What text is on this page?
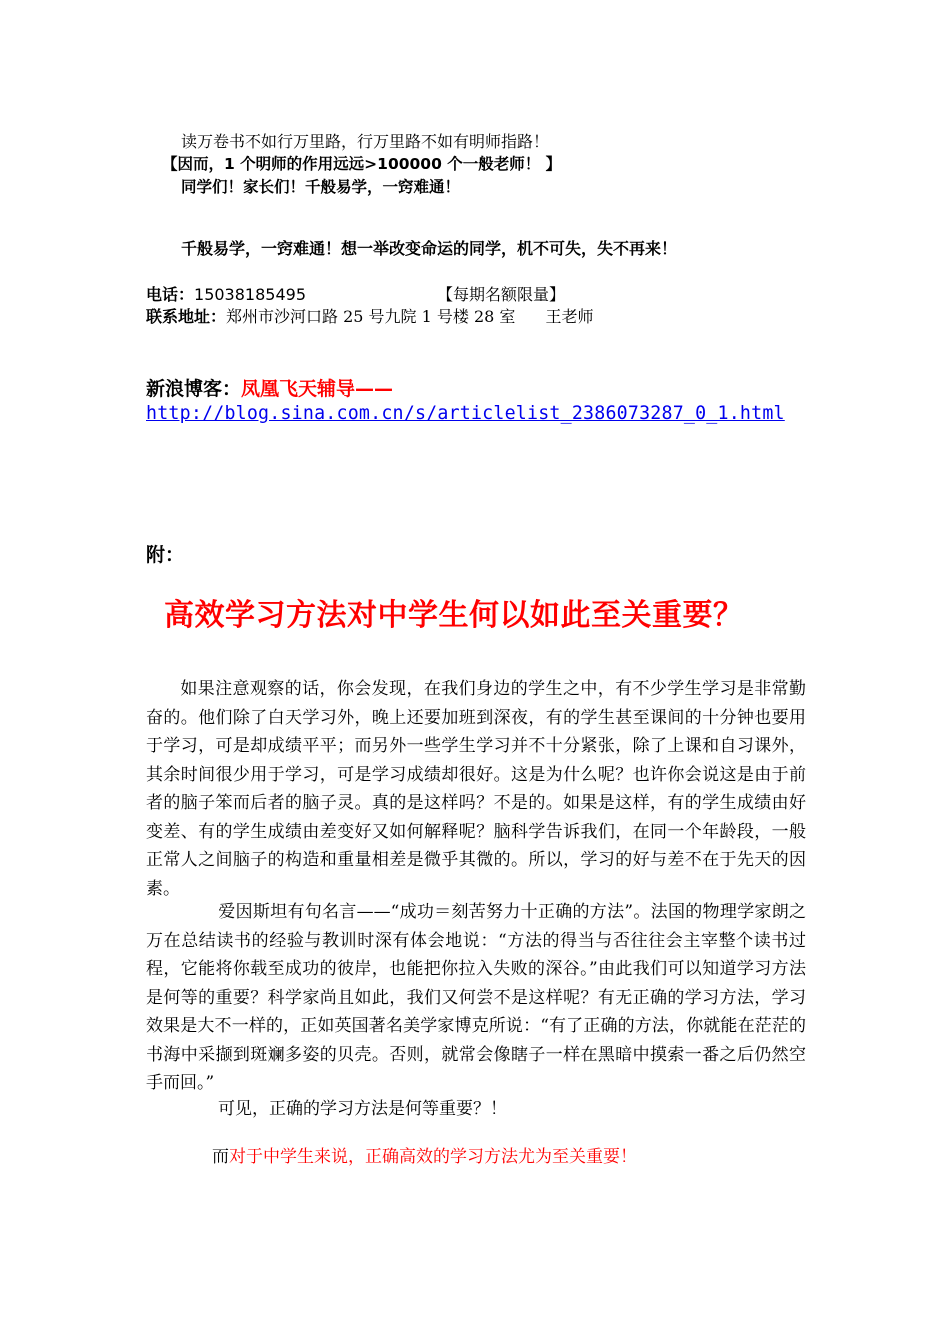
读万卷书不如行万里路，行万里路不如有明师指路！
【因而，1 个明师的作用远远>100000 个一般老师！ 】
同学们！家长们！千般易学，一窍难通！
千般易学，一窍难通！想一举改变命运的同学，机不可失，失不再来！
电话：15038185495	【每期名额限量】
联系地址：郑州市沙河口路 25 号九院 1 号楼 28 室 王老师
新浪博客：凤凰飞天辅导——
http://blog.sina.com.cn/s/articlelist_2386073287_0_1.html
附：
高效学习方法对中学生何以如此至关重要？
如果注意观察的话，你会发现，在我们身边的学生之中，有不少学生学习是非常勤奋的。他们除了白天学习外，晚上还要加班到深夜，有的学生甚至课间的十分钟也要用于学习，可是却成绩平平；而另外一些学生学习并不十分紧张，除了上课和自习课外，其余时间很少用于学习，可是学习成绩却很好。这是为什么呢？也许你会说这是由于前者的脑子笨而后者的脑子灵。真的是这样吗？不是的。如果是这样，有的学生成绩由好变差、有的学生成绩由差变好又如何解释呢？脑科学告诉我们，在同一个年龄段，一般正常人之间脑子的构造和重量相差是微乎其微的。所以，学习的好与差不在于先天的因素。
爱因斯坦有句名言——“成功＝刻苦努力十正确的方法”。法国的物理学家朗之万在总结读书的经验与教训时深有体会地说：“方法的得当与否往往会主宰整个读书过程，它能将你载至成功的彼岸，也能把你拉入失败的深谷。”由此我们可以知道学习方法是何等的重要？科学家尚且如此，我们又何尝不是这样呢？有无正确的学习方法，学习效果是大不一样的，正如英国著名美学家博克所说：“有了正确的方法，你就能在茫茫的书海中采撷到斑斓多姿的贝壳。否则，就常会像瞎子一样在黑暗中摸索一番之后仍然空手而回。”
可见，正确的学习方法是何等重要？！
而对于中学生来说，正确高效的学习方法尤为至关重要！
